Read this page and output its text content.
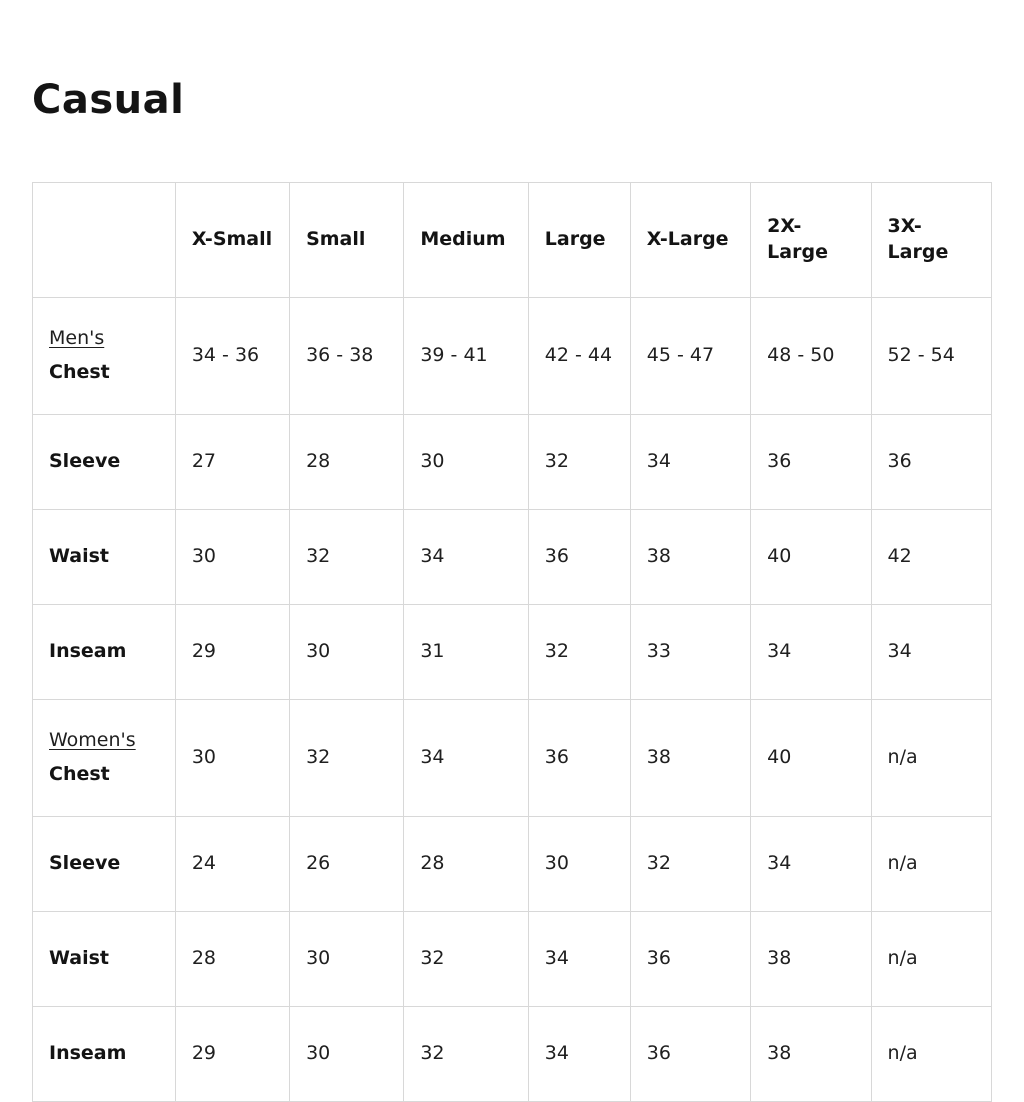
Casual
	X-Small	Small	Medium	Large	X-Large	2X-Large	3X-Large

Men's
Chest	34 - 36	36 - 38	39 - 41	42 - 44	45 - 47	48 - 50	52 - 54

Sleeve	27	28	30	32	34	36	36

Waist	30	32	34	36	38	40	42

Inseam	29	30	31	32	33	34	34

Women's
Chest	30	32	34	36	38	40	n/a

Sleeve	24	26	28	30	32	34	n/a

Waist	28	30	32	34	36	38	n/a

Inseam	29	30	32	34	36	38	n/a
